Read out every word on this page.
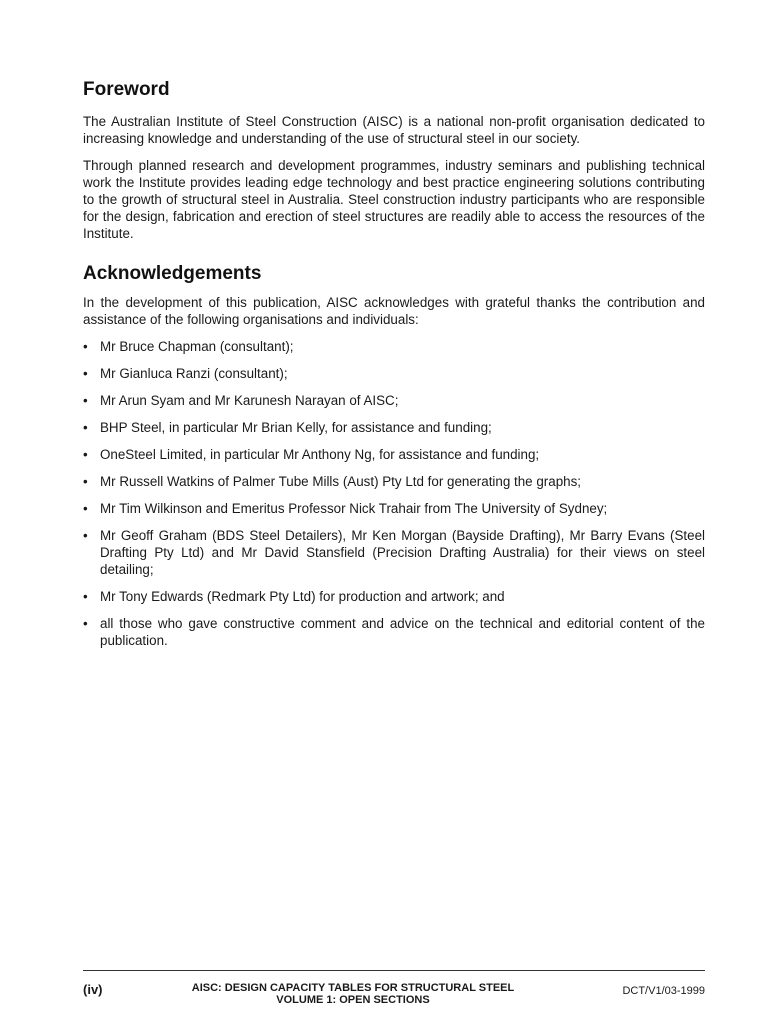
Foreword

The Australian Institute of Steel Construction (AISC) is a national non-profit organisation dedicated to increasing knowledge and understanding of the use of structural steel in our society.

Through planned research and development programmes, industry seminars and publishing technical work the Institute provides leading edge technology and best practice engineering solutions contributing to the growth of structural steel in Australia. Steel construction industry participants who are responsible for the design, fabrication and erection of steel structures are readily able to access the resources of the Institute.

Acknowledgements

In the development of this publication, AISC acknowledges with grateful thanks the contribution and assistance of the following organisations and individuals:

• Mr Bruce Chapman (consultant);
• Mr Gianluca Ranzi (consultant);
• Mr Arun Syam and Mr Karunesh Narayan of AISC;
• BHP Steel, in particular Mr Brian Kelly, for assistance and funding;
• OneSteel Limited, in particular Mr Anthony Ng, for assistance and funding;
• Mr Russell Watkins of Palmer Tube Mills (Aust) Pty Ltd for generating the graphs;
• Mr Tim Wilkinson and Emeritus Professor Nick Trahair from The University of Sydney;
• Mr Geoff Graham (BDS Steel Detailers), Mr Ken Morgan (Bayside Drafting), Mr Barry Evans (Steel Drafting Pty Ltd) and Mr David Stansfield (Precision Drafting Australia) for their views on steel detailing;
• Mr Tony Edwards (Redmark Pty Ltd) for production and artwork; and
• all those who gave constructive comment and advice on the technical and editorial content of the publication.
(iv)	AISC: DESIGN CAPACITY TABLES FOR STRUCTURAL STEEL
VOLUME 1: OPEN SECTIONS
DCT/V1/03-1999
